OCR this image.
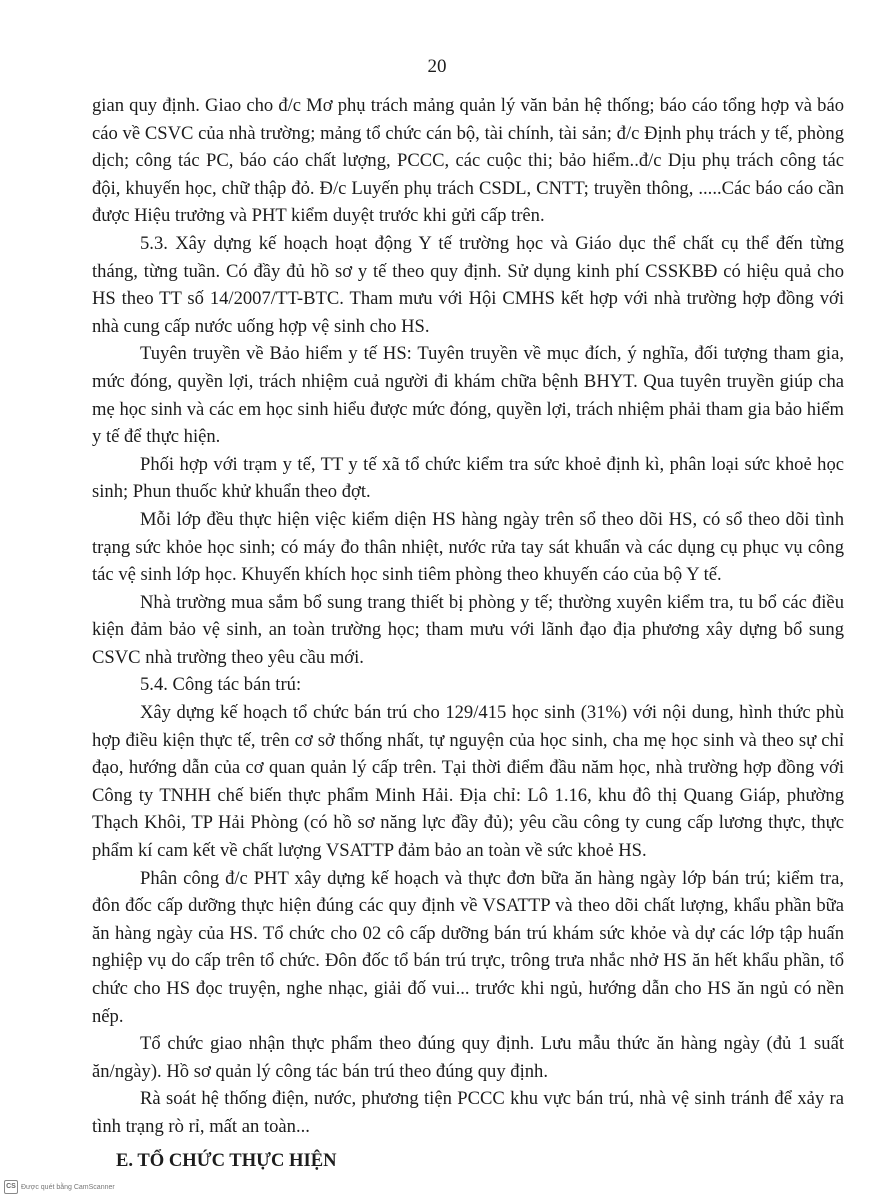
20

gian quy định. Giao cho đ/c Mơ phụ trách mảng quản lý văn bản hệ thống; báo cáo tổng hợp và báo cáo về CSVC của nhà trường; mảng tổ chức cán bộ, tài chính, tài sản; đ/c Định phụ trách y tế, phòng dịch; công tác PC, báo cáo chất lượng, PCCC, các cuộc thi; bảo hiểm..đ/c Dịu phụ trách công tác đội, khuyến học, chữ thập đỏ. Đ/c Luyến phụ trách CSDL, CNTT; truyền thông, .....Các báo cáo cần được Hiệu trưởng và PHT kiểm duyệt trước khi gửi cấp trên.

5.3. Xây dựng kế hoạch hoạt động Y tế trường học và Giáo dục thể chất cụ thể đến từng tháng, từng tuần. Có đầy đủ hồ sơ y tế theo quy định. Sử dụng kinh phí CSSKBĐ có hiệu quả cho HS theo TT số 14/2007/TT-BTC. Tham mưu với Hội CMHS kết hợp với nhà trường hợp đồng với nhà cung cấp nước uống hợp vệ sinh cho HS.

Tuyên truyền về Bảo hiểm y tế HS: Tuyên truyền về mục đích, ý nghĩa, đối tượng tham gia, mức đóng, quyền lợi, trách nhiệm cuả người đi khám chữa bệnh BHYT. Qua tuyên truyền giúp cha mẹ học sinh và các em học sinh hiểu được mức đóng, quyền lợi, trách nhiệm phải tham gia bảo hiểm y tế để thực hiện.

Phối hợp với trạm y tế, TT y tế xã tổ chức kiểm tra sức khoẻ định kì, phân loại sức khoẻ học sinh; Phun thuốc khử khuẩn theo đợt.

Mỗi lớp đều thực hiện việc kiểm diện HS hàng ngày trên sổ theo dõi HS, có sổ theo dõi tình trạng sức khỏe học sinh; có máy đo thân nhiệt, nước rửa tay sát khuẩn và các dụng cụ phục vụ công tác vệ sinh lớp học. Khuyến khích học sinh tiêm phòng theo khuyến cáo của bộ Y tế.

Nhà trường mua sắm bổ sung trang thiết bị phòng y tế; thường xuyên kiểm tra, tu bổ các điều kiện đảm bảo vệ sinh, an toàn trường học; tham mưu với lãnh đạo địa phương xây dựng bổ sung CSVC nhà trường theo yêu cầu mới.

5.4. Công tác bán trú:

Xây dựng kế hoạch tổ chức bán trú cho 129/415 học sinh (31%) với nội dung, hình thức phù hợp điều kiện thực tế, trên cơ sở thống nhất, tự nguyện của học sinh, cha mẹ học sinh và theo sự chỉ đạo, hướng dẫn của cơ quan quản lý cấp trên. Tại thời điểm đầu năm học, nhà trường hợp đồng với Công ty TNHH chế biến thực phẩm Minh Hải. Địa chỉ: Lô 1.16, khu đô thị Quang Giáp, phường Thạch Khôi, TP Hải Phòng (có hồ sơ năng lực đầy đủ); yêu cầu công ty cung cấp lương thực, thực phẩm kí cam kết về chất lượng VSATTP đảm bảo an toàn về sức khoẻ HS.

Phân công đ/c PHT xây dựng kế hoạch và thực đơn bữa ăn hàng ngày lớp bán trú; kiểm tra, đôn đốc cấp dưỡng thực hiện đúng các quy định về VSATTP và theo dõi chất lượng, khẩu phần bữa ăn hàng ngày của HS. Tổ chức cho 02 cô cấp dưỡng bán trú khám sức khỏe và dự các lớp tập huấn nghiệp vụ do cấp trên tổ chức. Đôn đốc tổ bán trú trực, trông trưa nhắc nhở HS ăn hết khẩu phần, tổ chức cho HS đọc truyện, nghe nhạc, giải đố vui... trước khi ngủ, hướng dẫn cho HS ăn ngủ có nền nếp.

Tổ chức giao nhận thực phẩm theo đúng quy định. Lưu mẫu thức ăn hàng ngày (đủ 1 suất ăn/ngày). Hồ sơ quản lý công tác bán trú theo đúng quy định.

Rà soát hệ thống điện, nước, phương tiện PCCC khu vực bán trú, nhà vệ sinh tránh để xảy ra tình trạng rò rỉ, mất an toàn...

E. TỔ CHỨC THỰC HIỆN

CS Được quét bằng CamScanner
